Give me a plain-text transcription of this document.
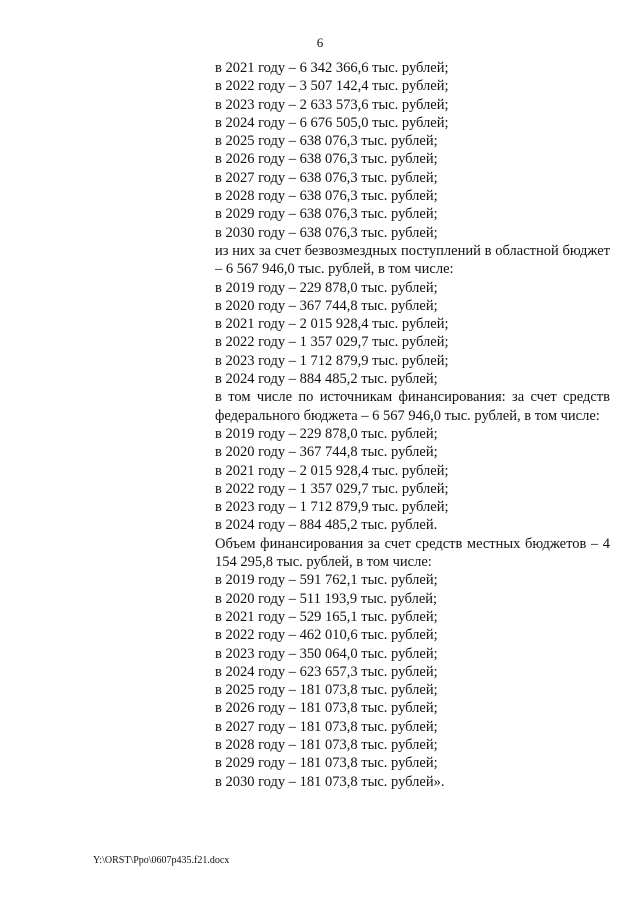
6

в 2021 году – 6 342 366,6 тыс. рублей;

в 2022 году – 3 507 142,4 тыс. рублей;

в 2023 году – 2 633 573,6 тыс. рублей;

в 2024 году – 6 676 505,0 тыс. рублей;

в 2025 году – 638 076,3 тыс. рублей;

в 2026 году – 638 076,3 тыс. рублей;

в 2027 году – 638 076,3 тыс. рублей;

в 2028 году – 638 076,3 тыс. рублей;

в 2029 году – 638 076,3 тыс. рублей;

в 2030 году – 638 076,3 тыс. рублей;

из них за счет безвозмездных поступлений в областной бюджет – 6 567 946,0 тыс. рублей, в том числе:

в 2019 году – 229 878,0 тыс. рублей;

в 2020 году – 367 744,8 тыс. рублей;

в 2021 году – 2 015 928,4 тыс. рублей;

в 2022 году – 1 357 029,7 тыс. рублей;

в 2023 году – 1 712 879,9 тыс. рублей;

в 2024 году – 884 485,2 тыс. рублей;

в том числе по источникам финансирования: за счет средств федерального бюджета – 6 567 946,0 тыс. рублей, в том числе:

в 2019 году – 229 878,0 тыс. рублей;

в 2020 году – 367 744,8 тыс. рублей;

в 2021 году – 2 015 928,4 тыс. рублей;

в 2022 году – 1 357 029,7 тыс. рублей;

в 2023 году – 1 712 879,9 тыс. рублей;

в 2024 году – 884 485,2 тыс. рублей.

Объем финансирования за счет средств местных бюджетов – 4 154 295,8 тыс. рублей, в том числе:

в 2019 году – 591 762,1 тыс. рублей;

в 2020 году – 511 193,9 тыс. рублей;

в 2021 году – 529 165,1 тыс. рублей;

в 2022 году – 462 010,6 тыс. рублей;

в 2023 году – 350 064,0 тыс. рублей;

в 2024 году – 623 657,3 тыс. рублей;

в 2025 году – 181 073,8 тыс. рублей;

в 2026 году – 181 073,8 тыс. рублей;

в 2027 году – 181 073,8 тыс. рублей;

в 2028 году – 181 073,8 тыс. рублей;

в 2029 году – 181 073,8 тыс. рублей;

в 2030 году – 181 073,8 тыс. рублей».

Y:\ORST\Ppo\0607p435.f21.docx
